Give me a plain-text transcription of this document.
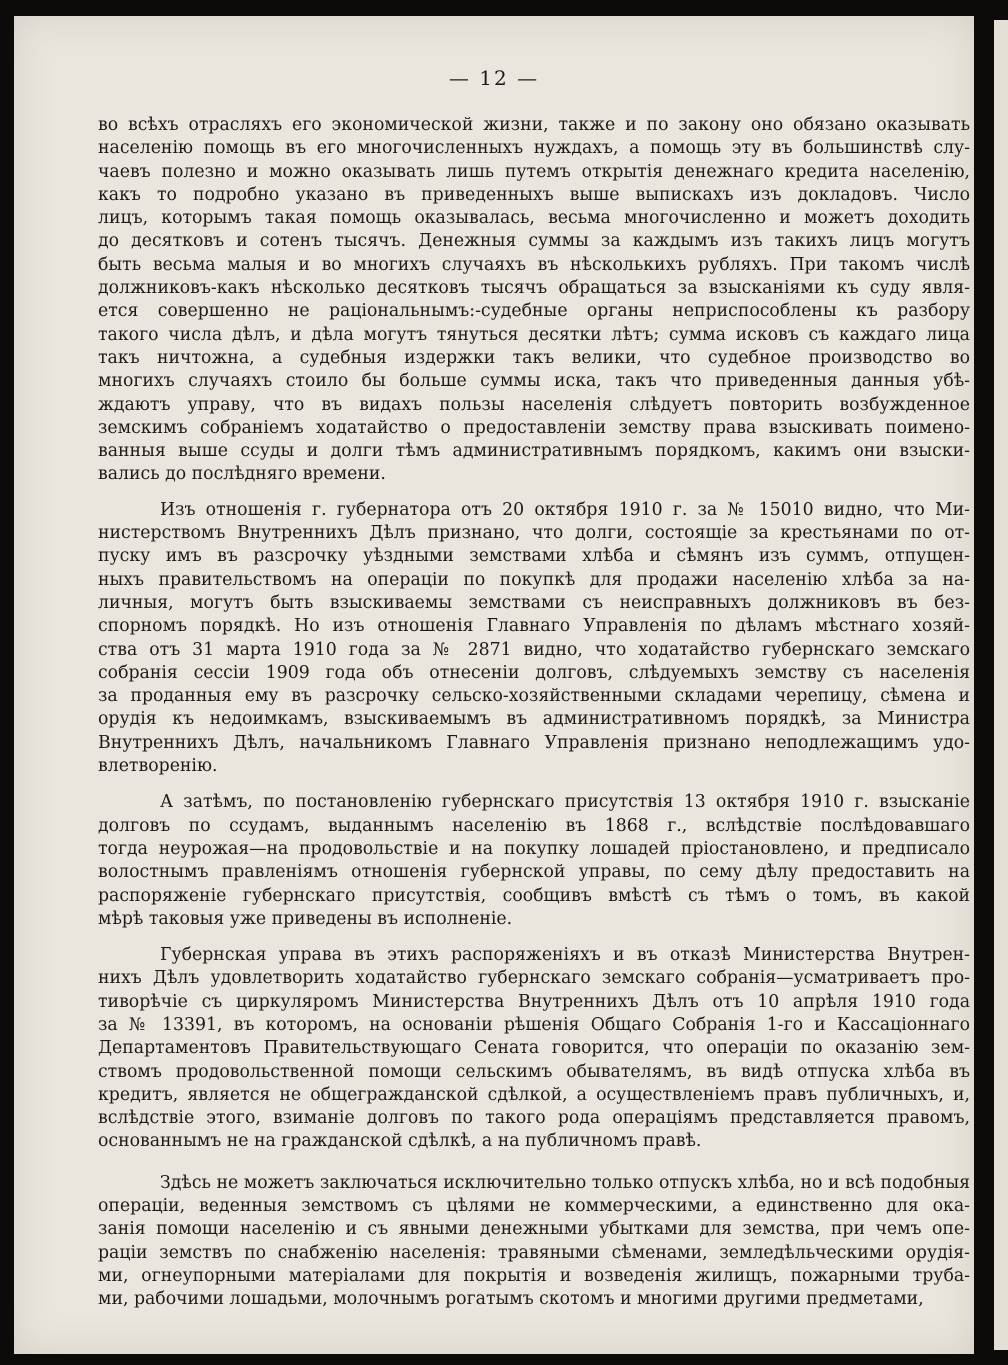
— 12 —

во всѣхъ отрасляхъ его экономической жизни, также и по закону оно обязано оказывать
населенію помощь въ его многочисленныхъ нуждахъ, а помощь эту въ большинствѣ слу-
чаевъ полезно и можно оказывать лишь путемъ открытія денежнаго кредита населенію,
какъ то подробно указано въ приведенныхъ выше выпискахъ изъ докладовъ. Число
лицъ, которымъ такая помощь оказывалась, весьма многочисленно и можетъ доходить
до десятковъ и сотенъ тысячъ. Денежныя суммы за каждымъ изъ такихъ лицъ могутъ
быть весьма малыя и во многихъ случаяхъ въ нѣсколькихъ рубляхъ. При такомъ числѣ
должниковъ-какъ нѣсколько десятковъ тысячъ обращаться за взысканіями къ суду явля-
ется совершенно не раціональнымъ:-судебные органы неприспособлены къ разбору
такого числа дѣлъ, и дѣла могутъ тянуться десятки лѣтъ; сумма исковъ съ каждаго лица
такъ ничтожна, а судебныя издержки такъ велики, что судебное производство во
многихъ случаяхъ стоило бы больше суммы иска, такъ что приведенныя данныя убѣ-
ждаютъ управу, что въ видахъ пользы населенія слѣдуетъ повторить возбужденное
земскимъ собраніемъ ходатайство о предоставленіи земству права взыскивать поимено-
ванныя выше ссуды и долги тѣмъ административнымъ порядкомъ, какимъ они взыски-
вались до послѣдняго времени.

Изъ отношенія г. губернатора отъ 20 октября 1910 г. за № 15010 видно, что Ми-
нистерствомъ Внутреннихъ Дѣлъ признано, что долги, состоящіе за крестьянами по от-
пуску имъ въ разсрочку уѣздными земствами хлѣба и сѣмянъ изъ суммъ, отпущен-
ныхъ правительствомъ на операціи по покупкѣ для продажи населенію хлѣба за на-
личныя, могутъ быть взыскиваемы земствами съ неисправныхъ должниковъ въ без-
спорномъ порядкѣ. Но изъ отношенія Главнаго Управленія по дѣламъ мѣстнаго хозяй-
ства отъ 31 марта 1910 года за № 2871 видно, что ходатайство губернскаго земскаго
собранія сессіи 1909 года объ отнесеніи долговъ, слѣдуемыхъ земству съ населенія
за проданныя ему въ разсрочку сельско-хозяйственными складами черепицу, сѣмена и
орудія къ недоимкамъ, взыскиваемымъ въ административномъ порядкѣ, за Министра
Внутреннихъ Дѣлъ, начальникомъ Главнаго Управленія признано неподлежащимъ удо-
влетворенію.

А затѣмъ, по постановленію губернскаго присутствія 13 октября 1910 г. взысканіе
долговъ по ссудамъ, выданнымъ населенію въ 1868 г., вслѣдствіе послѣдовавшаго
тогда неурожая—на продовольствіе и на покупку лошадей пріостановлено, и предписало
волостнымъ правленіямъ отношенія губернской управы, по сему дѣлу предоставить на
распоряженіе губернскаго присутствія, сообщивъ вмѣстѣ съ тѣмъ о томъ, въ какой
мѣрѣ таковыя уже приведены въ исполненіе.

Губернская управа въ этихъ распоряженіяхъ и въ отказѣ Министерства Внутрен-
нихъ Дѣлъ удовлетворить ходатайство губернскаго земскаго собранія—усматриваетъ про-
тиворѣчіе съ циркуляромъ Министерства Внутреннихъ Дѣлъ отъ 10 апрѣля 1910 года
за № 13391, въ которомъ, на основаніи рѣшенія Общаго Собранія 1-го и Кассаціоннаго
Департаментовъ Правительствующаго Сената говорится, что операціи по оказанію зем-
ствомъ продовольственной помощи сельскимъ обывателямъ, въ видѣ отпуска хлѣба въ
кредитъ, является не общегражданской сдѣлкой, а осуществленіемъ правъ публичныхъ, и,
вслѣдствіе этого, взиманіе долговъ по такого рода операціямъ представляется правомъ,
основаннымъ не на гражданской сдѣлкѣ, а на публичномъ правѣ.

Здѣсь не можетъ заключаться исключительно только отпускъ хлѣба, но и всѣ подобныя
операціи, веденныя земствомъ съ цѣлями не коммерческими, а единственно для ока-
занія помощи населенію и съ явными денежными убытками для земства, при чемъ опе-
раціи земствъ по снабженію населенія: травяными сѣменами, земледѣльческими орудія-
ми, огнеупорными матеріалами для покрытія и возведенія жилищъ, пожарными труба-
ми, рабочими лошадьми, молочнымъ рогатымъ скотомъ и многими другими предметами,
